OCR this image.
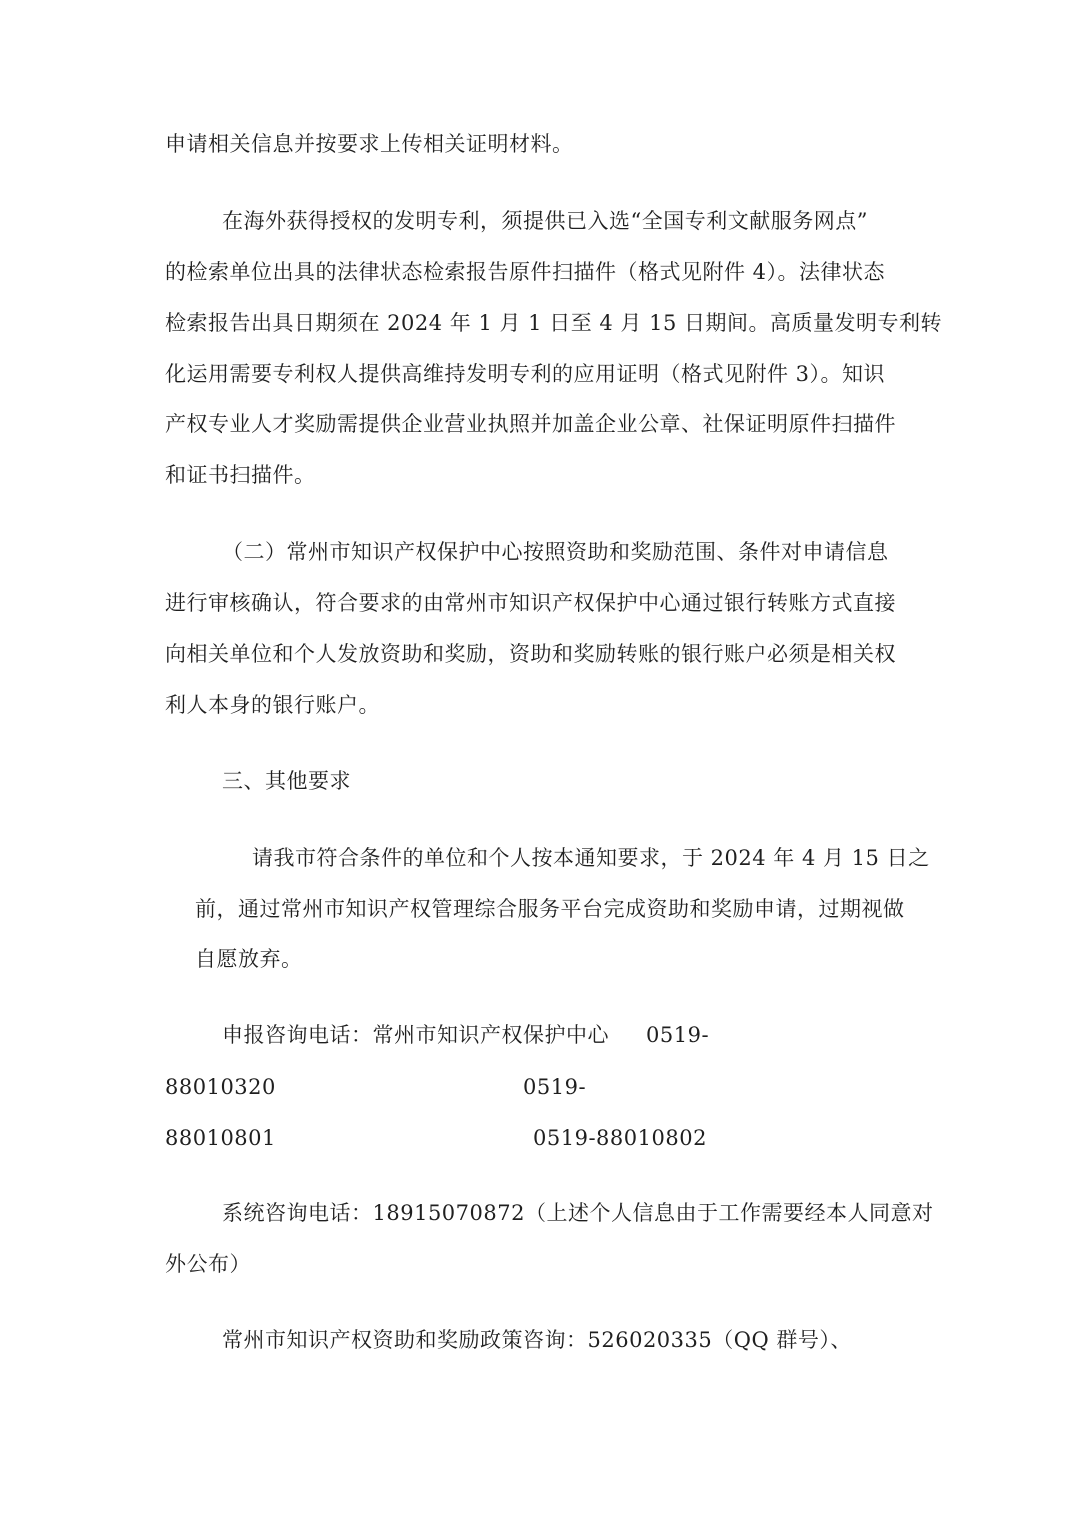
申请相关信息并按要求上传相关证明材料。
在海外获得授权的发明专利，须提供已入选“全国专利文献服务网点”
的检索单位出具的法律状态检索报告原件扫描件（格式见附件 4）。法律状态
检索报告出具日期须在 2024 年 1 月 1 日至 4 月 15 日期间。高质量发明专利转
化运用需要专利权人提供高维持发明专利的应用证明（格式见附件 3）。知识
产权专业人才奖励需提供企业营业执照并加盖企业公章、社保证明原件扫描件
和证书扫描件。
（二）常州市知识产权保护中心按照资助和奖励范围、条件对申请信息
进行审核确认，符合要求的由常州市知识产权保护中心通过银行转账方式直接
向相关单位和个人发放资助和奖励，资助和奖励转账的银行账户必须是相关权
利人本身的银行账户。
三、其他要求
请我市符合条件的单位和个人按本通知要求，于 2024 年 4 月 15 日之
前，通过常州市知识产权管理综合服务平台完成资助和奖励申请，过期视做
自愿放弃。
申报咨询电话：常州市知识产权保护中心 0519-
88010320	0519-
88010801	0519-88010802
系统咨询电话：18915070872（上述个人信息由于工作需要经本人同意对
外公布）
常州市知识产权资助和奖励政策咨询：526020335（QQ 群号）、
